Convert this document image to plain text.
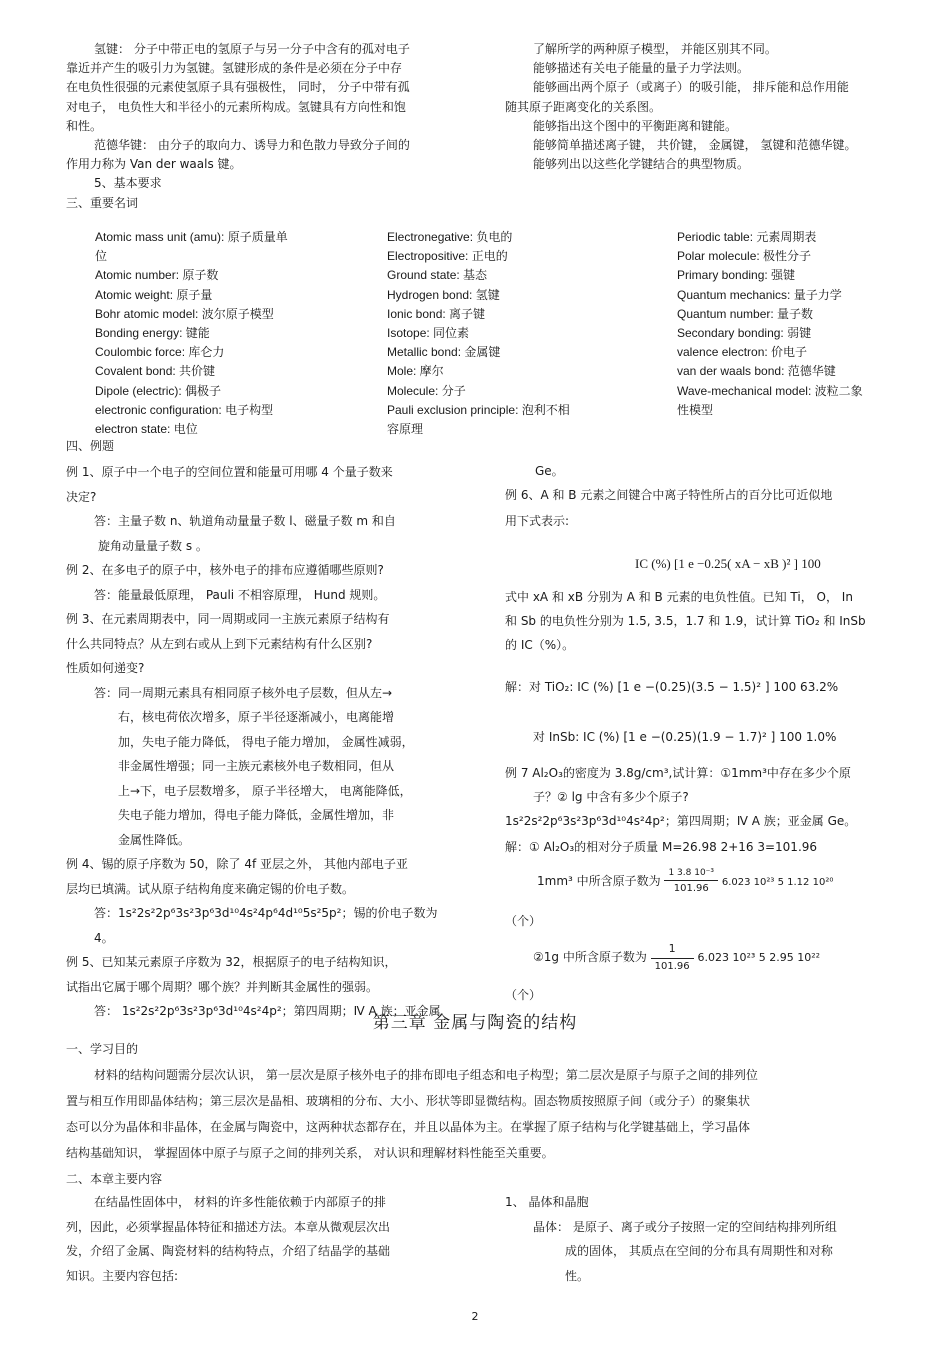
氢键： 分子中带正电的氢原子与另一分子中含有的孤对电子

靠近并产生的吸引力为氢键。氢键形成的条件是必须在分子中存

在电负性很强的元素使氢原子具有强极性， 同时， 分子中带有孤

对电子， 电负性大和半径小的元素所构成。氢键具有方向性和饱

和性。

范德华键： 由分子的取向力、诱导力和色散力导致分子间的

作用力称为 Van der waals 键。

5、基本要求

三、重要名词

了解所学的两种原子模型， 并能区别其不同。

能够描述有关电子能量的量子力学法则。

能够画出两个原子（或离子）的吸引能， 排斥能和总作用能

随其原子距离变化的关系图。

能够指出这个图中的平衡距离和键能。

能够简单描述离子键， 共价键， 金属键， 氢键和范德华键。

能够列出以这些化学键结合的典型物质。

Atomic mass unit (amu): 原子质量单

位

Atomic number: 原子数

Atomic weight: 原子量

Bohr atomic model: 波尔原子模型

Bonding energy: 键能

Coulombic force: 库仑力

Covalent bond: 共价键

Dipole (electric): 偶极子

electronic configuration: 电子构型

electron state: 电位

Electronegative: 负电的

Electropositive: 正电的

Ground state: 基态

Hydrogen bond: 氢键

Ionic bond: 离子键

Isotope: 同位素

Metallic bond: 金属键

Mole: 摩尔

Molecule: 分子

Pauli exclusion principle: 泡利不相

容原理

Periodic table: 元素周期表

Polar molecule: 极性分子

Primary bonding: 强键

Quantum mechanics: 量子力学

Quantum number: 量子数

Secondary bonding: 弱键

valence electron: 价电子

van der waals bond: 范德华键

Wave-mechanical model: 波粒二象

性模型

四、例题

例 1、原子中一个电子的空间位置和能量可用哪 4 个量子数来

决定?

答：主量子数 n、轨道角动量量子数 l、磁量子数 m 和自

旋角动量量子数 s 。

例 2、在多电子的原子中，核外电子的排布应遵循哪些原则?

答：能量最低原理， Pauli 不相容原理， Hund 规则。

例 3、在元素周期表中，同一周期或同一主族元素原子结构有

什么共同特点？从左到右或从上到下元素结构有什么区别?

性质如何递变?

答：同一周期元素具有相同原子核外电子层数，但从左→

右，核电荷依次增多，原子半径逐渐减小，电离能增

加，失电子能力降低， 得电子能力增加， 金属性减弱，

非金属性增强；同一主族元素核外电子数相同，但从

上→下，电子层数增多， 原子半径增大， 电离能降低，

失电子能力增加，得电子能力降低，金属性增加，非

金属性降低。

例 4、锡的原子序数为 50，除了 4f 亚层之外， 其他内部电子亚

层均已填满。试从原子结构角度来确定锡的价电子数。

答：1s²2s²2p⁶3s²3p⁶3d¹⁰4s²4p⁶4d¹⁰5s²5p²；锡的价电子数为 4。

例 5、已知某元素原子序数为 32，根据原子的电子结构知识，

试指出它属于哪个周期？哪个族？并判断其金属性的强弱。

答： 1s²2s²2p⁶3s²3p⁶3d¹⁰4s²4p²；第四周期；Ⅳ A 族；亚金属

Ge。

例 6、A 和 B 元素之间键合中离子特性所占的百分比可近似地

用下式表示:

IC (%) [1 e −0.25( xA − xB )² ] 100

式中 xA 和 xB 分别为 A 和 B 元素的电负性值。已知 Ti， O， In

和 Sb 的电负性分别为 1.5, 3.5，1.7 和 1.9，试计算 TiO₂ 和 InSb

的 IC（%）。

解：对 TiO₂: IC (%) [1 e −(0.25)(3.5 − 1.5)² ] 100 63.2%

对 InSb: IC (%) [1 e −(0.25)(1.9 − 1.7)² ] 100 1.0%

例 7 Al₂O₃的密度为 3.8g/cm³,试计算：①1mm³中存在多少个原

子？② lg 中含有多少个原子?

1s²2s²2p⁶3s²3p⁶3d¹⁰4s²4p²；第四周期；Ⅳ A 族；亚金属 Ge。

解：① Al₂O₃的相对分子质量 M=26.98 2+16 3=101.96

1mm³ 中所含原子数为 $\frac{\text{1 3.8 10⁻³}}{101.96} 6.023$ 10²³ 5 1.12 10²⁰

（个）

②1g 中所含原子数为 $\frac{1}{101.96} 6.023$ 10²³ 5 2.95 10²²

（个）

第三章 金属与陶瓷的结构

一、学习目的

材料的结构问题需分层次认识， 第一层次是原子核外电子的排布即电子组态和电子构型；第二层次是原子与原子之间的排列位

置与相互作用即晶体结构；第三层次是晶相、玻璃相的分布、大小、形状等即显微结构。固态物质按照原子间（或分子）的聚集状

态可以分为晶体和非晶体，在金属与陶瓷中，这两种状态都存在，并且以晶体为主。在掌握了原子结构与化学键基础上，学习晶体

结构基础知识， 掌握固体中原子与原子之间的排列关系， 对认识和理解材料性能至关重要。

二、本章主要内容

在结晶性固体中， 材料的许多性能依赖于内部原子的排

列，因此，必须掌握晶体特征和描述方法。本章从微观层次出

发，介绍了金属、陶瓷材料的结构特点，介绍了结晶学的基础

知识。主要内容包括:

1、 晶体和晶胞

晶体： 是原子、离子或分子按照一定的空间结构排列所组

成的固体， 其质点在空间的分布具有周期性和对称

性。

2
